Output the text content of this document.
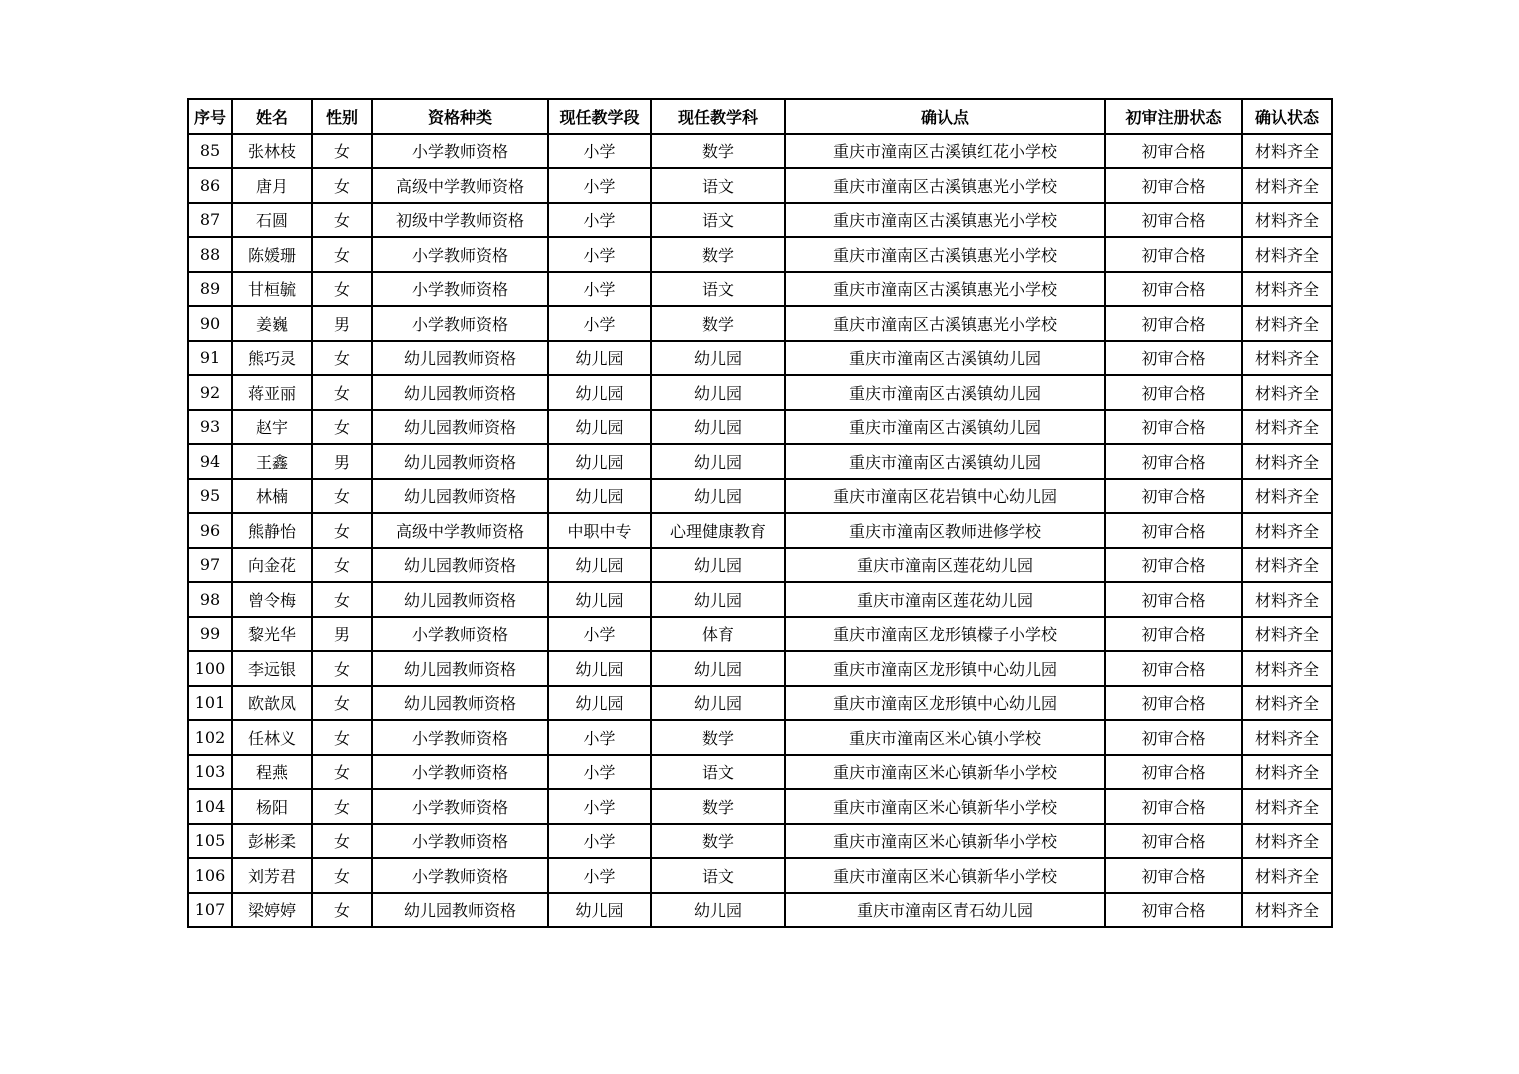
序号	姓名	性别	资格种类	现任教学段	现任教学科	确认点	初审注册状态	确认状态
85	张林枝	女	小学教师资格	小学	数学	重庆市潼南区古溪镇红花小学校	初审合格	材料齐全
86	唐月	女	高级中学教师资格	小学	语文	重庆市潼南区古溪镇惠光小学校	初审合格	材料齐全
87	石圆	女	初级中学教师资格	小学	语文	重庆市潼南区古溪镇惠光小学校	初审合格	材料齐全
88	陈媛珊	女	小学教师资格	小学	数学	重庆市潼南区古溪镇惠光小学校	初审合格	材料齐全
89	甘桓毓	女	小学教师资格	小学	语文	重庆市潼南区古溪镇惠光小学校	初审合格	材料齐全
90	姜巍	男	小学教师资格	小学	数学	重庆市潼南区古溪镇惠光小学校	初审合格	材料齐全
91	熊巧灵	女	幼儿园教师资格	幼儿园	幼儿园	重庆市潼南区古溪镇幼儿园	初审合格	材料齐全
92	蒋亚丽	女	幼儿园教师资格	幼儿园	幼儿园	重庆市潼南区古溪镇幼儿园	初审合格	材料齐全
93	赵宇	女	幼儿园教师资格	幼儿园	幼儿园	重庆市潼南区古溪镇幼儿园	初审合格	材料齐全
94	王鑫	男	幼儿园教师资格	幼儿园	幼儿园	重庆市潼南区古溪镇幼儿园	初审合格	材料齐全
95	林楠	女	幼儿园教师资格	幼儿园	幼儿园	重庆市潼南区花岩镇中心幼儿园	初审合格	材料齐全
96	熊静怡	女	高级中学教师资格	中职中专	心理健康教育	重庆市潼南区教师进修学校	初审合格	材料齐全
97	向金花	女	幼儿园教师资格	幼儿园	幼儿园	重庆市潼南区莲花幼儿园	初审合格	材料齐全
98	曾令梅	女	幼儿园教师资格	幼儿园	幼儿园	重庆市潼南区莲花幼儿园	初审合格	材料齐全
99	黎光华	男	小学教师资格	小学	体育	重庆市潼南区龙形镇檬子小学校	初审合格	材料齐全
100	李远银	女	幼儿园教师资格	幼儿园	幼儿园	重庆市潼南区龙形镇中心幼儿园	初审合格	材料齐全
101	欧歆凤	女	幼儿园教师资格	幼儿园	幼儿园	重庆市潼南区龙形镇中心幼儿园	初审合格	材料齐全
102	任林义	女	小学教师资格	小学	数学	重庆市潼南区米心镇小学校	初审合格	材料齐全
103	程燕	女	小学教师资格	小学	语文	重庆市潼南区米心镇新华小学校	初审合格	材料齐全
104	杨阳	女	小学教师资格	小学	数学	重庆市潼南区米心镇新华小学校	初审合格	材料齐全
105	彭彬柔	女	小学教师资格	小学	数学	重庆市潼南区米心镇新华小学校	初审合格	材料齐全
106	刘芳君	女	小学教师资格	小学	语文	重庆市潼南区米心镇新华小学校	初审合格	材料齐全
107	梁婷婷	女	幼儿园教师资格	幼儿园	幼儿园	重庆市潼南区青石幼儿园	初审合格	材料齐全
